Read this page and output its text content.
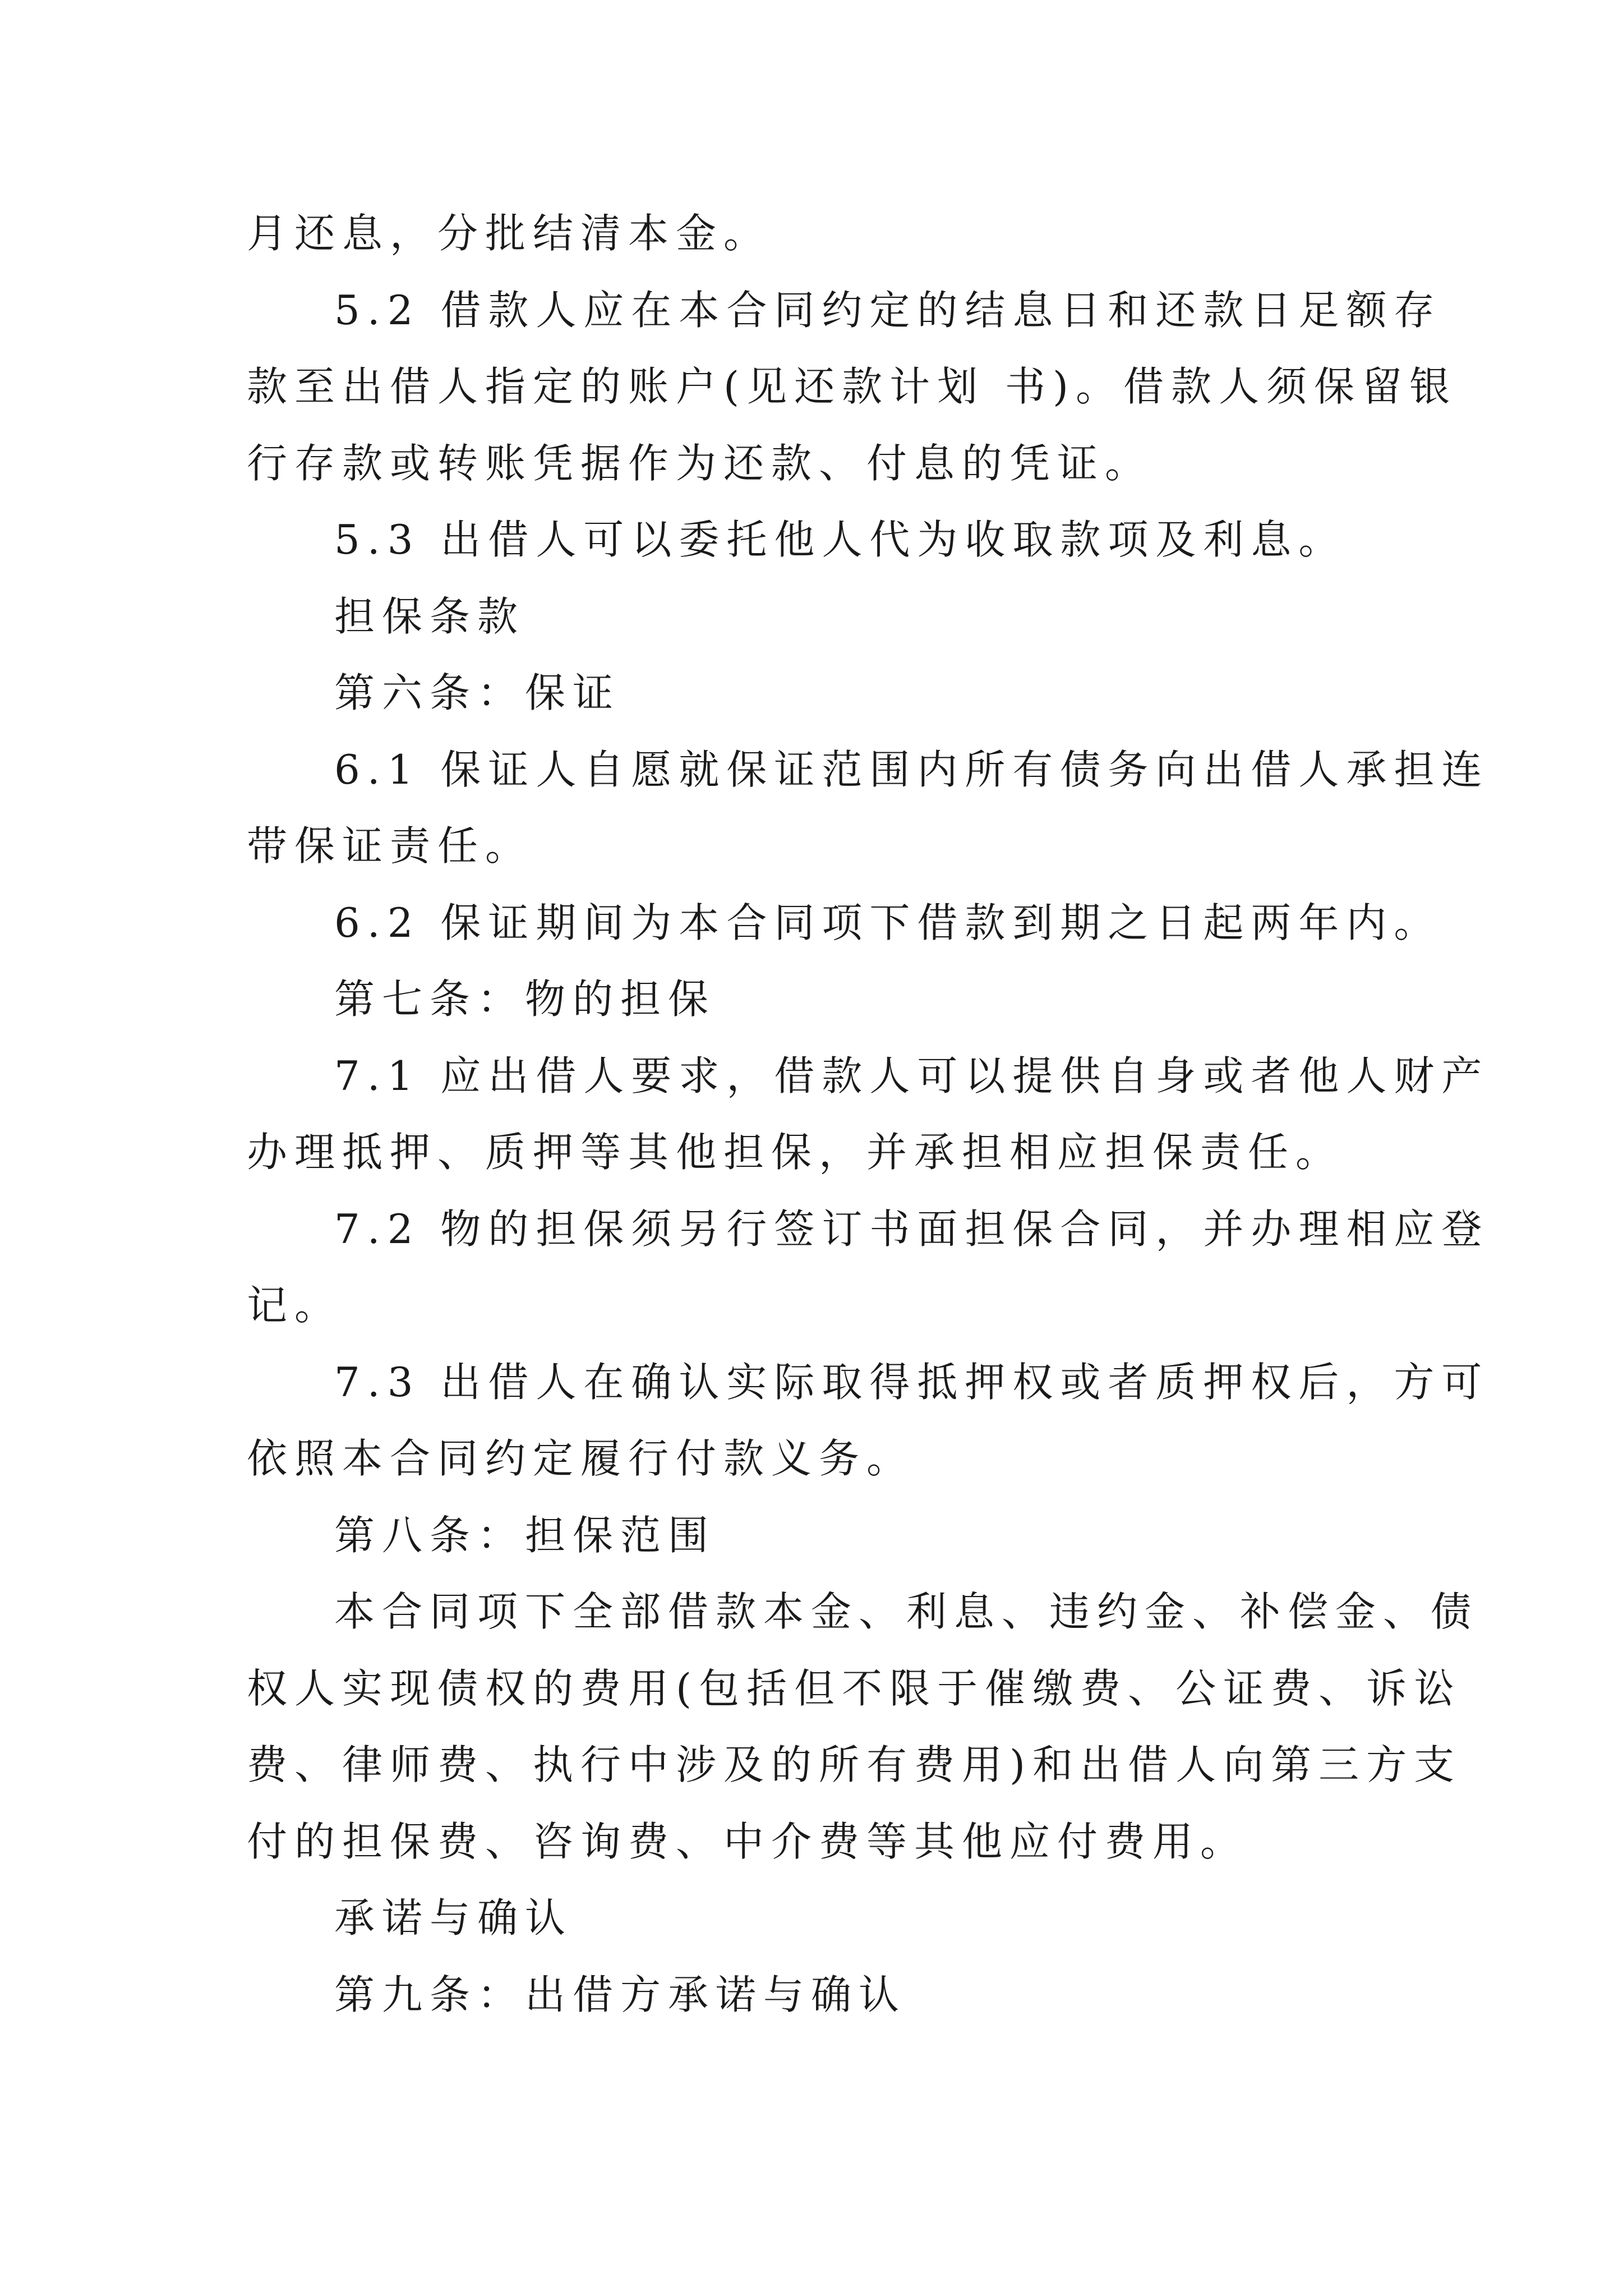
月还息，分批结清本金。

5.2 借款人应在本合同约定的结息日和还款日足额存

款至出借人指定的账户(见还款计划 书)。借款人须保留银

行存款或转账凭据作为还款、付息的凭证。

5.3 出借人可以委托他人代为收取款项及利息。

担保条款

第六条：保证

6.1 保证人自愿就保证范围内所有债务向出借人承担连

带保证责任。

6.2 保证期间为本合同项下借款到期之日起两年内。

第七条：物的担保

7.1 应出借人要求，借款人可以提供自身或者他人财产

办理抵押、质押等其他担保，并承担相应担保责任。

7.2 物的担保须另行签订书面担保合同，并办理相应登

记。

7.3 出借人在确认实际取得抵押权或者质押权后，方可

依照本合同约定履行付款义务。

第八条：担保范围

本合同项下全部借款本金、利息、违约金、补偿金、债

权人实现债权的费用(包括但不限于催缴费、公证费、诉讼

费、律师费、执行中涉及的所有费用)和出借人向第三方支

付的担保费、咨询费、中介费等其他应付费用。

承诺与确认

第九条：出借方承诺与确认
